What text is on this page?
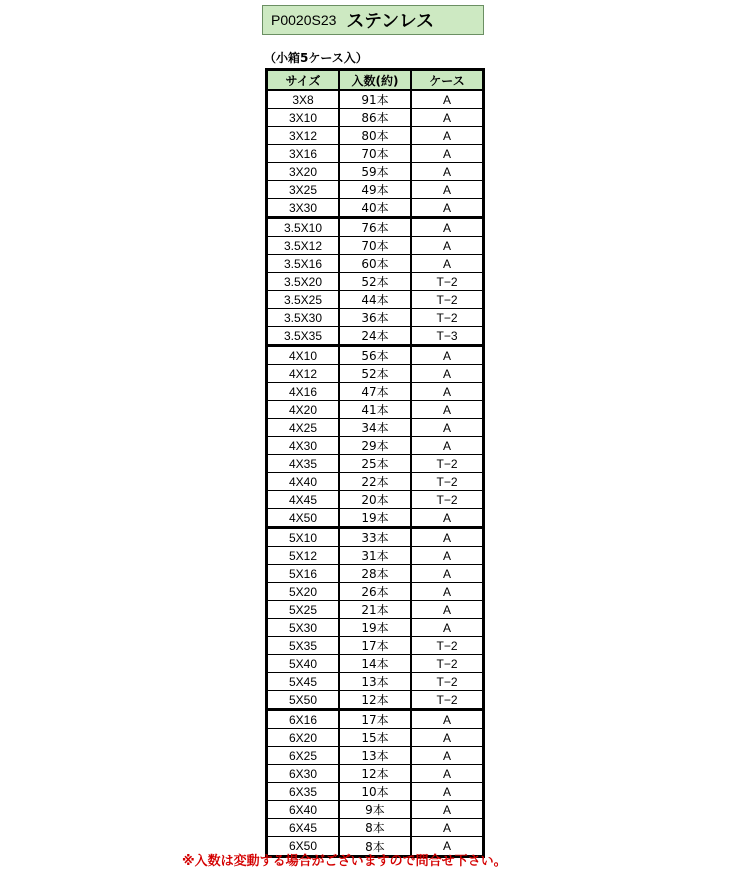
P0020S23 ステンレス
（小箱5ケース入）
サイズ	入数(約)	ケース
3X8	91本	A
3X10	86本	A
3X12	80本	A
3X16	70本	A
3X20	59本	A
3X25	49本	A
3X30	40本	A
3.5X10	76本	A
3.5X12	70本	A
3.5X16	60本	A
3.5X20	52本	T−2
3.5X25	44本	T−2
3.5X30	36本	T−2
3.5X35	24本	T−3
4X10	56本	A
4X12	52本	A
4X16	47本	A
4X20	41本	A
4X25	34本	A
4X30	29本	A
4X35	25本	T−2
4X40	22本	T−2
4X45	20本	T−2
4X50	19本	A
5X10	33本	A
5X12	31本	A
5X16	28本	A
5X20	26本	A
5X25	21本	A
5X30	19本	A
5X35	17本	T−2
5X40	14本	T−2
5X45	13本	T−2
5X50	12本	T−2
6X16	17本	A
6X20	15本	A
6X25	13本	A
6X30	12本	A
6X35	10本	A
6X40	9本	A
6X45	8本	A
6X50	8本	A
※入数は変動する場合がございますので問合せ下さい。
